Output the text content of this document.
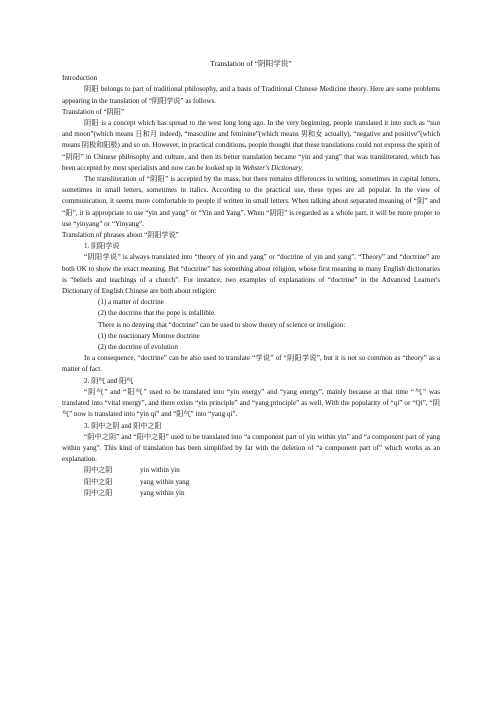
Translation of “阴阳学说”
Introduction

阴阳 belongs to part of traditional philosophy, and a basis of Traditional Chinese Medicine theory. Here are some problems appearing in the translation of “阴阳学说” as follows.

Translation of “阴阳”

阴阳 is a concept which has spread to the west long long ago. In the very beginning, people translated it into such as “sun and moon”(which means 日和月 indeed), “masculine and feminine”(which means 男和女 actually), “negative and positive”(which means 阴极和阳极) and so on. However, in practical conditions, people thought that these translations could not express the spirit of “阴阳” in Chinese philosophy and culture, and then its better translation became “yin and yang” that was transliterated, which has been accepted by most specialists and now can be looked up in Webster's Dictionary.

The transliteration of “阴阳” is accepted by the mass, but there remains differences in writing, sometimes in capital letters, sometimes in small letters, sometimes in italics. According to the practical use, these types are all popular. In the view of communication, it seems more comfortable to people if written in small letters. When talking about separated meaning of “阴” and “阳”, it is appropriate to use “yin and yang” or “Yin and Yang”. When “阴阳” is regarded as a whole part, it will be more proper to use “yinyang” or “Yinyang”.

Translation of phrases about “阴阳学说”
1. 阴阳学说

“阴阳学说” is always translated into “theory of yin and yang” or “doctrine of yin and yang”. “Theory” and “doctrine” are both OK to show the exact meaning. But “doctrine” has something about religion, whose first meaning in many English dictionaries is “beliefs and teachings of a church”. For instance, two examples of explanations of “doctrine” in the Advanced Learner's Dictionary of English Chinese are both about religion:

(1) a matter of doctrine
(2) the doctrine that the pope is infallible.

There is no denying that “doctrine” can be used to show theory of science or irreligion:

(1) the reactionary Monroe doctrine
(2) the doctrine of evolution

In a consequence, “doctrine” can be also used to translate “学说” of “阴阳学说”, but it is not so common as “theory” as a matter of fact.

2. 阴气 and 阳气

“阴气” and “阳气” used to be translated into “yin energy” and “yang energy”, mainly because at that time “气” was translated into “vital energy”, and there exists “yin principle” and “yang principle” as well. With the popularity of “qi” or “Qi”, “阴气” now is translated into “yin qi” and “阳气” into “yang qi”.

3. 阴中之阴 and 阳中之阳

“阴中之阴” and “阳中之阳” used to be translated into “a component part of yin within yin” and “a component part of yang within yang”. This kind of translation has been simplified by far with the deletion of “a component part of” which works as an explanation.

阴中之阴	yin within yin
阳中之阳	yang within yang
阴中之阳	yang within yin
